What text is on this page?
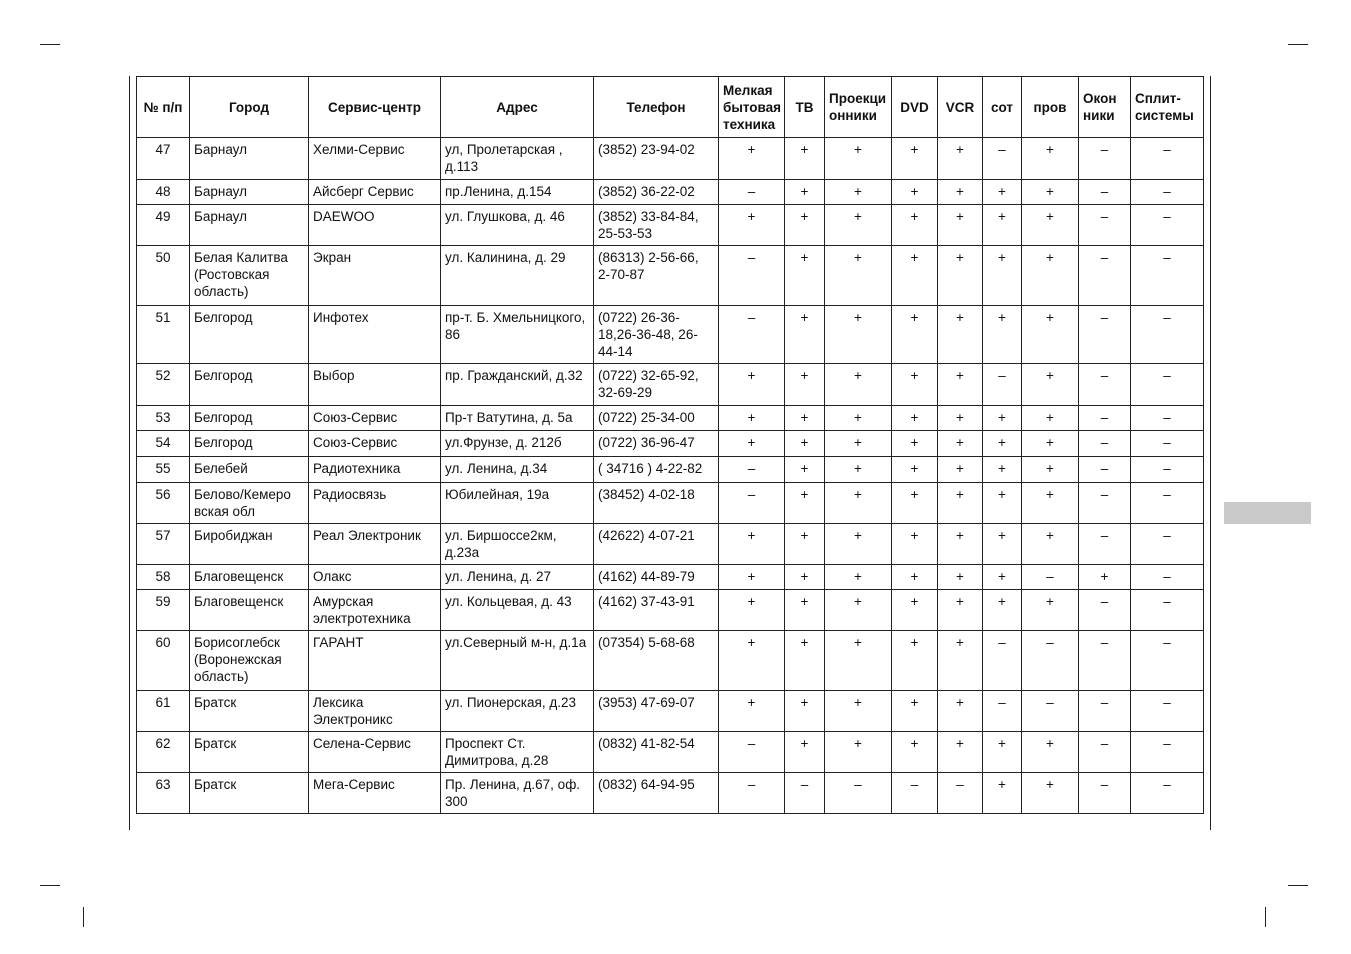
№ п/п	Город	Сервис-центр	Адрес	Телефон	Мелкая бытовая техника	ТВ	Проекци онники	DVD	VCR	сот	пров	Окон ники	Сплит- системы
47	Барнаул	Хелми-Сервис	ул, Пролетарская , д.113	(3852) 23-94-02	+	+	+	+	+	–	+	–	–
48	Барнаул	Айсберг Сервис	пр.Ленина, д.154	(3852) 36-22-02	–	+	+	+	+	+	+	–	–
49	Барнаул	DAEWOO	ул. Глушкова, д. 46	(3852) 33-84-84, 25-53-53	+	+	+	+	+	+	+	–	–
50	Белая Калитва (Ростовская область)	Экран	ул. Калинина, д. 29	(86313) 2-56-66, 2-70-87	–	+	+	+	+	+	+	–	–
51	Белгород	Инфотех	пр-т. Б. Хмельницкого, 86	(0722) 26-36-18,26-36-48, 26-44-14	–	+	+	+	+	+	+	–	–
52	Белгород	Выбор	пр. Гражданский, д.32	(0722) 32-65-92, 32-69-29	+	+	+	+	+	–	+	–	–
53	Белгород	Союз-Сервис	Пр-т Ватутина, д. 5а	(0722) 25-34-00	+	+	+	+	+	+	+	–	–
54	Белгород	Союз-Сервис	ул.Фрунзе, д. 212б	(0722) 36-96-47	+	+	+	+	+	+	+	–	–
55	Белебей	Радиотехника	ул. Ленина, д.34	( 34716 ) 4-22-82	–	+	+	+	+	+	+	–	–
56	Белово/Кемеро вская обл	Радиосвязь	Юбилейная, 19а	(38452) 4-02-18	–	+	+	+	+	+	+	–	–
57	Биробиджан	Реал Электроник	ул. Биршоссе2км, д.23а	(42622) 4-07-21	+	+	+	+	+	+	+	–	–
58	Благовещенск	Олакс	ул. Ленина, д. 27	(4162) 44-89-79	+	+	+	+	+	+	–	+	–
59	Благовещенск	Амурская электротехника	ул. Кольцевая, д. 43	(4162) 37-43-91	+	+	+	+	+	+	+	–	–
60	Борисоглебск (Воронежская область)	ГАРАНТ	ул.Северный м-н, д.1а	(07354) 5-68-68	+	+	+	+	+	–	–	–	–
61	Братск	Лексика Электроникс	ул. Пионерская, д.23	(3953) 47-69-07	+	+	+	+	+	–	–	–	–
62	Братск	Селена-Сервис	Проспект Ст. Димитрова, д.28	(0832) 41-82-54	–	+	+	+	+	+	+	–	–
63	Братск	Мега-Сервис	Пр. Ленина, д.67, оф. 300	(0832) 64-94-95	–	–	–	–	–	+	+	–	–
